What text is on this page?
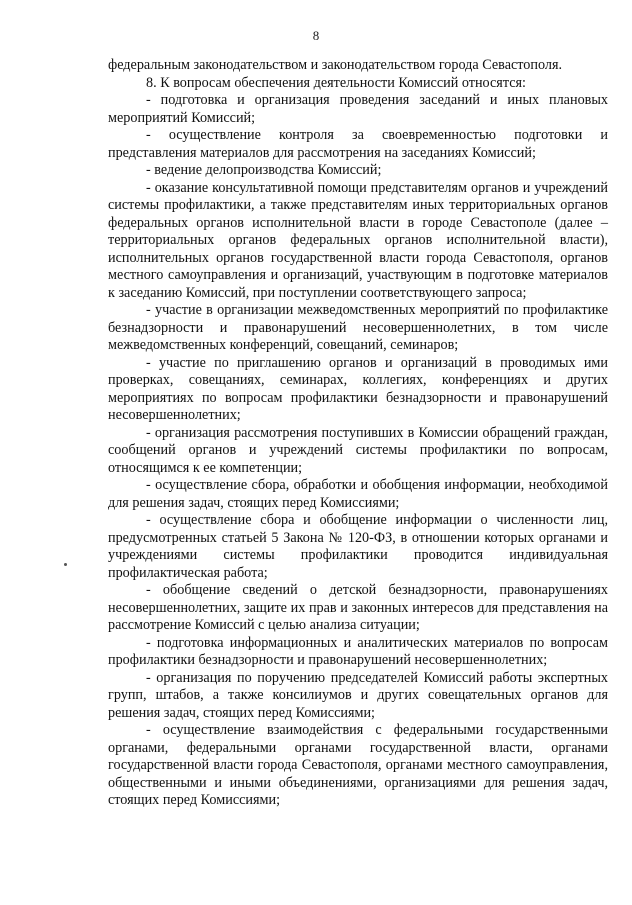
8

федеральным законодательством и законодательством города Севастополя.

8. К вопросам обеспечения деятельности Комиссий относятся:

- подготовка и организация проведения заседаний и иных плановых мероприятий Комиссий;

- осуществление контроля за своевременностью подготовки и представления материалов для рассмотрения на заседаниях Комиссий;

- ведение делопроизводства Комиссий;

- оказание консультативной помощи представителям органов и учреждений системы профилактики, а также представителям иных территориальных органов федеральных органов исполнительной власти в городе Севастополе (далее – территориальных органов федеральных органов исполнительной власти), исполнительных органов государственной власти города Севастополя, органов местного самоуправления и организаций, участвующим в подготовке материалов к заседанию Комиссий, при поступлении соответствующего запроса;

- участие в организации межведомственных мероприятий по профилактике безнадзорности и правонарушений несовершеннолетних, в том числе межведомственных конференций, совещаний, семинаров;

- участие по приглашению органов и организаций в проводимых ими проверках, совещаниях, семинарах, коллегиях, конференциях и других мероприятиях по вопросам профилактики безнадзорности и правонарушений несовершеннолетних;

- организация рассмотрения поступивших в Комиссии обращений граждан, сообщений органов и учреждений системы профилактики по вопросам, относящимся к ее компетенции;

- осуществление сбора, обработки и обобщения информации, необходимой для решения задач, стоящих перед Комиссиями;

- осуществление сбора и обобщение информации о численности лиц, предусмотренных статьей 5 Закона № 120-ФЗ, в отношении которых органами и учреждениями системы профилактики проводится индивидуальная профилактическая работа;

- обобщение сведений о детской безнадзорности, правонарушениях несовершеннолетних, защите их прав и законных интересов для представления на рассмотрение Комиссий с целью анализа ситуации;

- подготовка информационных и аналитических материалов по вопросам профилактики безнадзорности и правонарушений несовершеннолетних;

- организация по поручению председателей Комиссий работы экспертных групп, штабов, а также консилиумов и других совещательных органов для решения задач, стоящих перед Комиссиями;

- осуществление взаимодействия с федеральными государственными органами, федеральными органами государственной власти, органами государственной власти города Севастополя, органами местного самоуправления, общественными и иными объединениями, организациями для решения задач, стоящих перед Комиссиями;
